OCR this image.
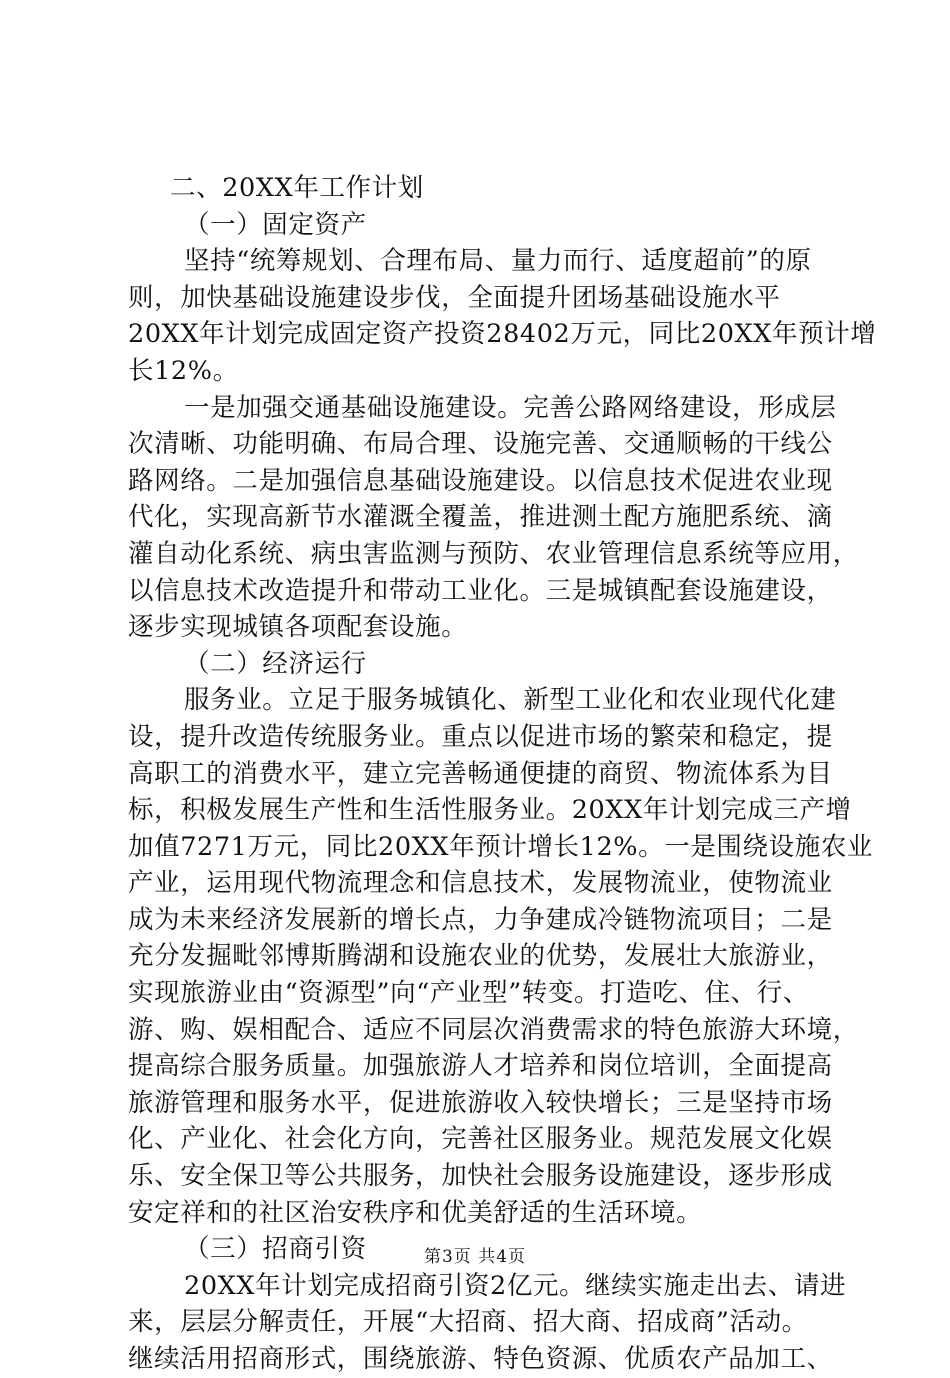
二、20XX年工作计划
（一）固定资产
坚持“统筹规划、合理布局、量力而行、适度超前”的原
则，加快基础设施建设步伐，全面提升团场基础设施水平
20XX年计划完成固定资产投资28402万元，同比20XX年预计增
长12%。
一是加强交通基础设施建设。完善公路网络建设，形成层
次清晰、功能明确、布局合理、设施完善、交通顺畅的干线公
路网络。二是加强信息基础设施建设。以信息技术促进农业现
代化，实现高新节水灌溉全覆盖，推进测土配方施肥系统、滴
灌自动化系统、病虫害监测与预防、农业管理信息系统等应用，
以信息技术改造提升和带动工业化。三是城镇配套设施建设，
逐步实现城镇各项配套设施。
（二）经济运行
服务业。立足于服务城镇化、新型工业化和农业现代化建
设，提升改造传统服务业。重点以促进市场的繁荣和稳定，提
高职工的消费水平，建立完善畅通便捷的商贸、物流体系为目
标，积极发展生产性和生活性服务业。20XX年计划完成三产增
加值7271万元，同比20XX年预计增长12%。一是围绕设施农业
产业，运用现代物流理念和信息技术，发展物流业，使物流业
成为未来经济发展新的增长点，力争建成冷链物流项目；二是
充分发掘毗邻博斯腾湖和设施农业的优势，发展壮大旅游业，
实现旅游业由“资源型”向“产业型”转变。打造吃、住、行、
游、购、娱相配合、适应不同层次消费需求的特色旅游大环境，
提高综合服务质量。加强旅游人才培养和岗位培训，全面提高
旅游管理和服务水平，促进旅游收入较快增长；三是坚持市场
化、产业化、社会化方向，完善社区服务业。规范发展文化娱
乐、安全保卫等公共服务，加快社会服务设施建设，逐步形成
安定祥和的社区治安秩序和优美舒适的生活环境。
（三）招商引资
20XX年计划完成招商引资2亿元。继续实施走出去、请进
来，层层分解责任，开展“大招商、招大商、招成商”活动。
继续活用招商形式，围绕旅游、特色资源、优质农产品加工、
第3页 共4页
